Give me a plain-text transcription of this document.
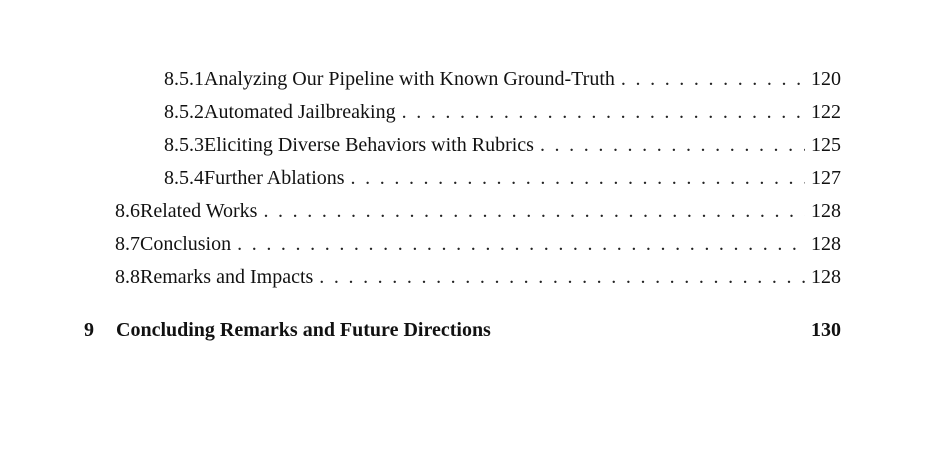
8.5.1 Analyzing Our Pipeline with Known Ground-Truth . . .	120
8.5.2 Automated Jailbreaking . . .	122
8.5.3 Eliciting Diverse Behaviors with Rubrics . . .	125
8.5.4 Further Ablations . . .	127
8.6 Related Works . . .	128
8.7 Conclusion . . .	128
8.8 Remarks and Impacts . . .	128
9	Concluding Remarks and Future Directions	130
